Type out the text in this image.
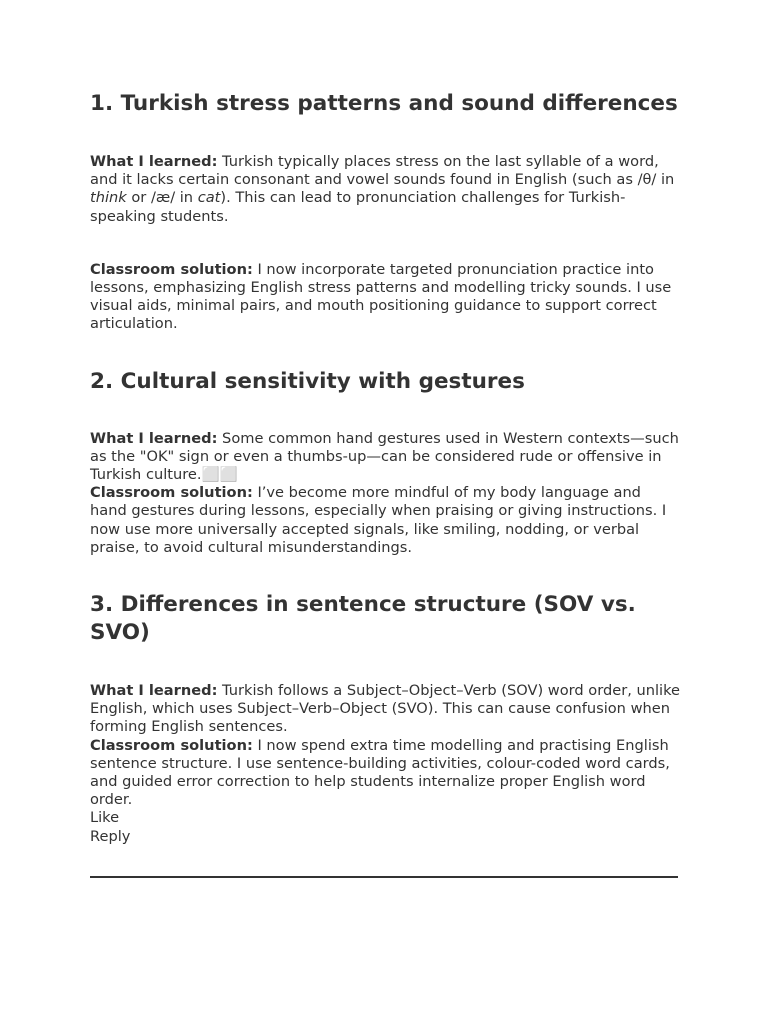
1. Turkish stress patterns and sound differences

What I learned: Turkish typically places stress on the last syllable of a word, and it lacks certain consonant and vowel sounds found in English (such as /θ/ in think or /æ/ in cat). This can lead to pronunciation challenges for Turkish-speaking students.

Classroom solution: I now incorporate targeted pronunciation practice into lessons, emphasizing English stress patterns and modelling tricky sounds. I use visual aids, minimal pairs, and mouth positioning guidance to support correct articulation.

2. Cultural sensitivity with gestures

What I learned: Some common hand gestures used in Western contexts—such as the "OK" sign or even a thumbs-up—can be considered rude or offensive in Turkish culture.⬜⬜

Classroom solution: I’ve become more mindful of my body language and hand gestures during lessons, especially when praising or giving instructions. I now use more universally accepted signals, like smiling, nodding, or verbal praise, to avoid cultural misunderstandings.

3. Differences in sentence structure (SOV vs. SVO)

What I learned: Turkish follows a Subject–Object–Verb (SOV) word order, unlike English, which uses Subject–Verb–Object (SVO). This can cause confusion when forming English sentences.

Classroom solution: I now spend extra time modelling and practising English sentence structure. I use sentence-building activities, colour-coded word cards, and guided error correction to help students internalize proper English word order.

Like
Reply
